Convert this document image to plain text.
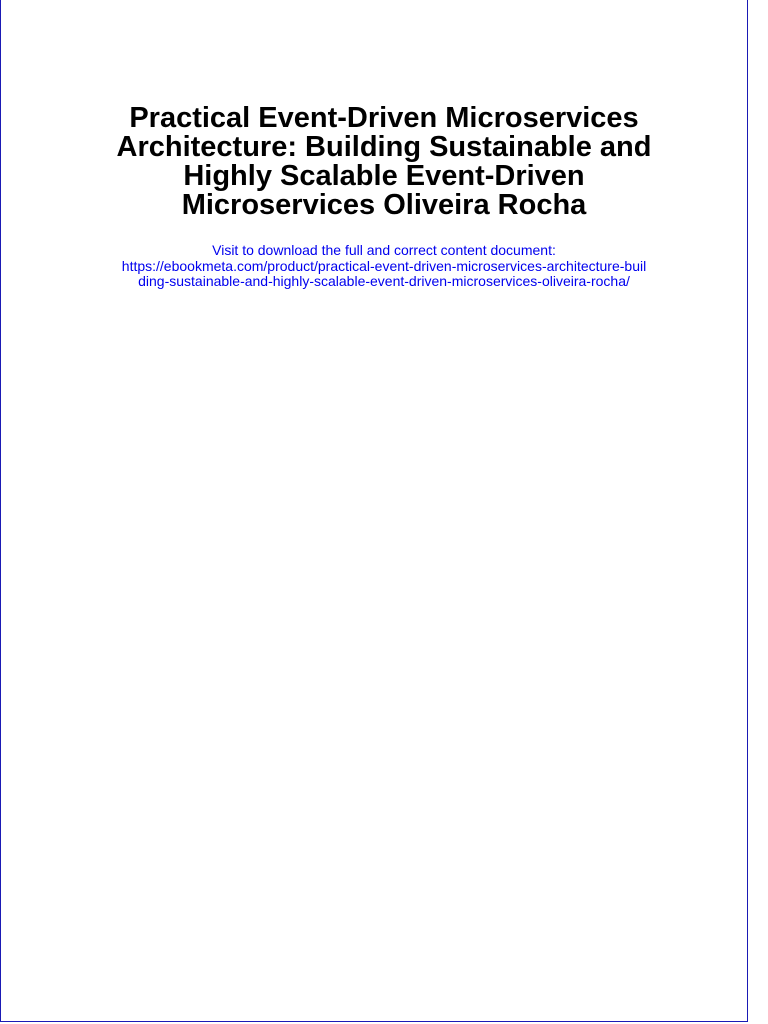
Practical Event-Driven Microservices
Architecture: Building Sustainable and
Highly Scalable Event-Driven
Microservices Oliveira Rocha
Visit to download the full and correct content document:
https://ebookmeta.com/product/practical-event-driven-microservices-architecture-buil
ding-sustainable-and-highly-scalable-event-driven-microservices-oliveira-rocha/
